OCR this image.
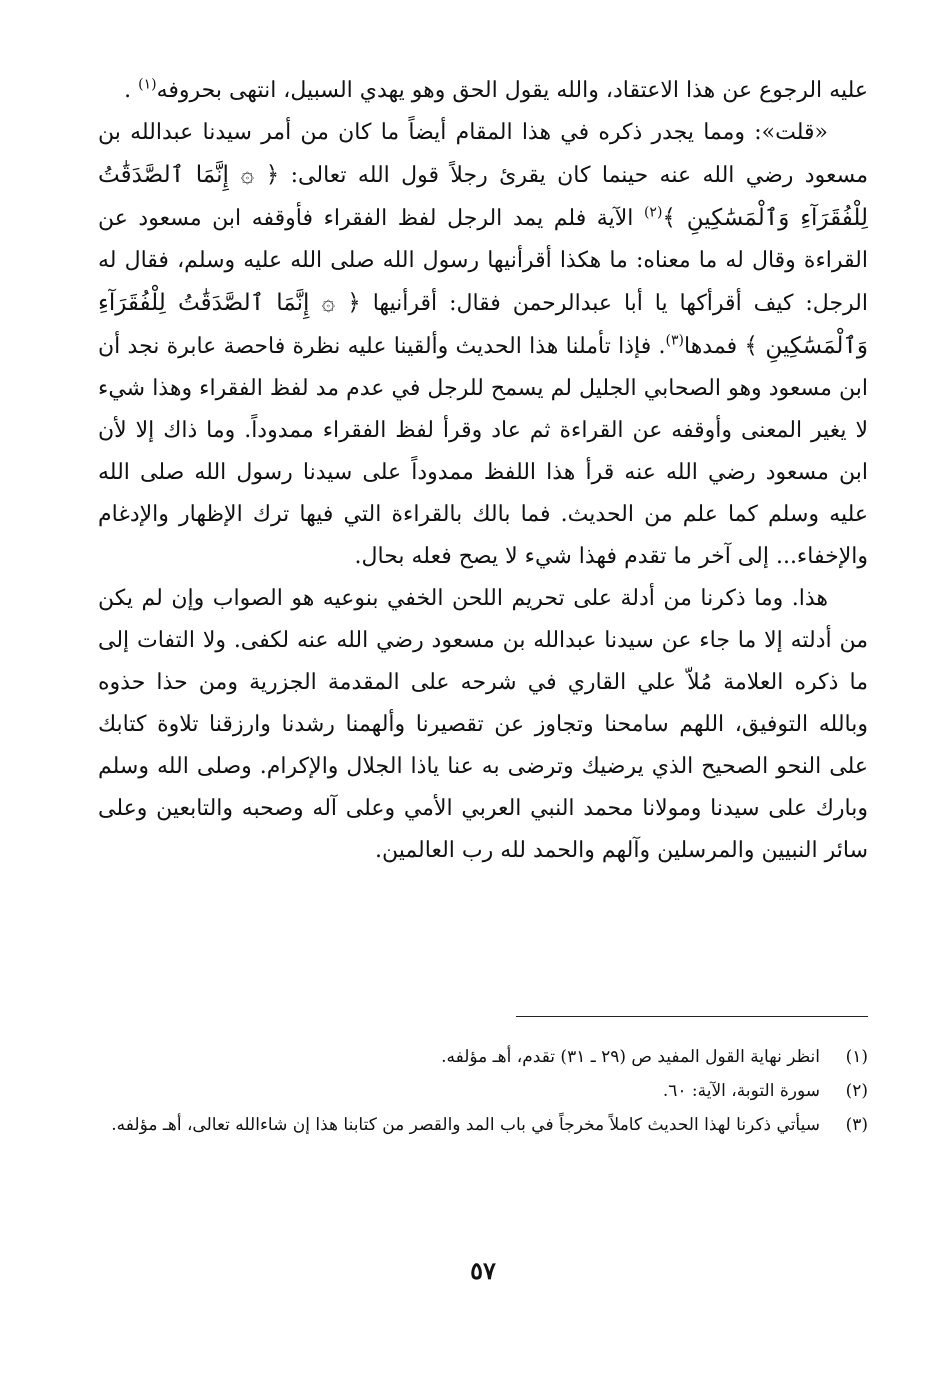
عليه الرجوع عن هذا الاعتقاد، والله يقول الحق وهو يهدي السبيل، انتهى بحروفه$^{(١)}$ .

«قلت»: ومما يجدر ذكره في هذا المقام أيضاً ما كان من أمر سيدنا عبدالله بن مسعود رضي الله عنه حينما كان يقرئ رجلاً قول الله تعالى: ﴿ ۞ إِنَّمَا ٱلصَّدَقَٰتُ لِلْفُقَرَآءِ وَٱلْمَسَٰكِينِ ﴾$^{(٢)}$ الآية فلم يمد الرجل لفظ الفقراء فأوقفه ابن مسعود عن القراءة وقال له ما معناه: ما هكذا أقرأنيها رسول الله صلى الله عليه وسلم، فقال له الرجل: كيف أقرأكها يا أبا عبدالرحمن فقال: أقرأنيها ﴿ ۞ إِنَّمَا ٱلصَّدَقَٰتُ لِلْفُقَرَآءِ وَٱلْمَسَٰكِينِ ﴾ فمدها$^{(٣)}$. فإذا تأملنا هذا الحديث وألقينا عليه نظرة فاحصة عابرة نجد أن ابن مسعود وهو الصحابي الجليل لم يسمح للرجل في عدم مد لفظ الفقراء وهذا شيء لا يغير المعنى وأوقفه عن القراءة ثم عاد وقرأ لفظ الفقراء ممدوداً. وما ذاك إلا لأن ابن مسعود رضي الله عنه قرأ هذا اللفظ ممدوداً على سيدنا رسول الله صلى الله عليه وسلم كما علم من الحديث. فما بالك بالقراءة التي فيها ترك الإظهار والإدغام والإخفاء... إلى آخر ما تقدم فهذا شيء لا يصح فعله بحال.

هذا. وما ذكرنا من أدلة على تحريم اللحن الخفي بنوعيه هو الصواب وإن لم يكن من أدلته إلا ما جاء عن سيدنا عبدالله بن مسعود رضي الله عنه لكفى. ولا التفات إلى ما ذكره العلامة مُلاّ علي القاري في شرحه على المقدمة الجزرية ومن حذا حذوه وبالله التوفيق، اللهم سامحنا وتجاوز عن تقصيرنا وألهمنا رشدنا وارزقنا تلاوة كتابك على النحو الصحيح الذي يرضيك وترضى به عنا ياذا الجلال والإكرام. وصلى الله وسلم وبارك على سيدنا ومولانا محمد النبي العربي الأمي وعلى آله وصحبه والتابعين وعلى سائر النبيين والمرسلين وآلهم والحمد لله رب العالمين.

(١)
انظر نهاية القول المفيد ص (٢٩ ـ ٣١) تقدم، أهـ مؤلفه.
(٢)
سورة التوبة، الآية: ٦٠.
(٣)
سيأتي ذكرنا لهذا الحديث كاملاً مخرجاً في باب المد والقصر من كتابنا هذا إن شاءالله تعالى، أهـ مؤلفه.
٥٧
